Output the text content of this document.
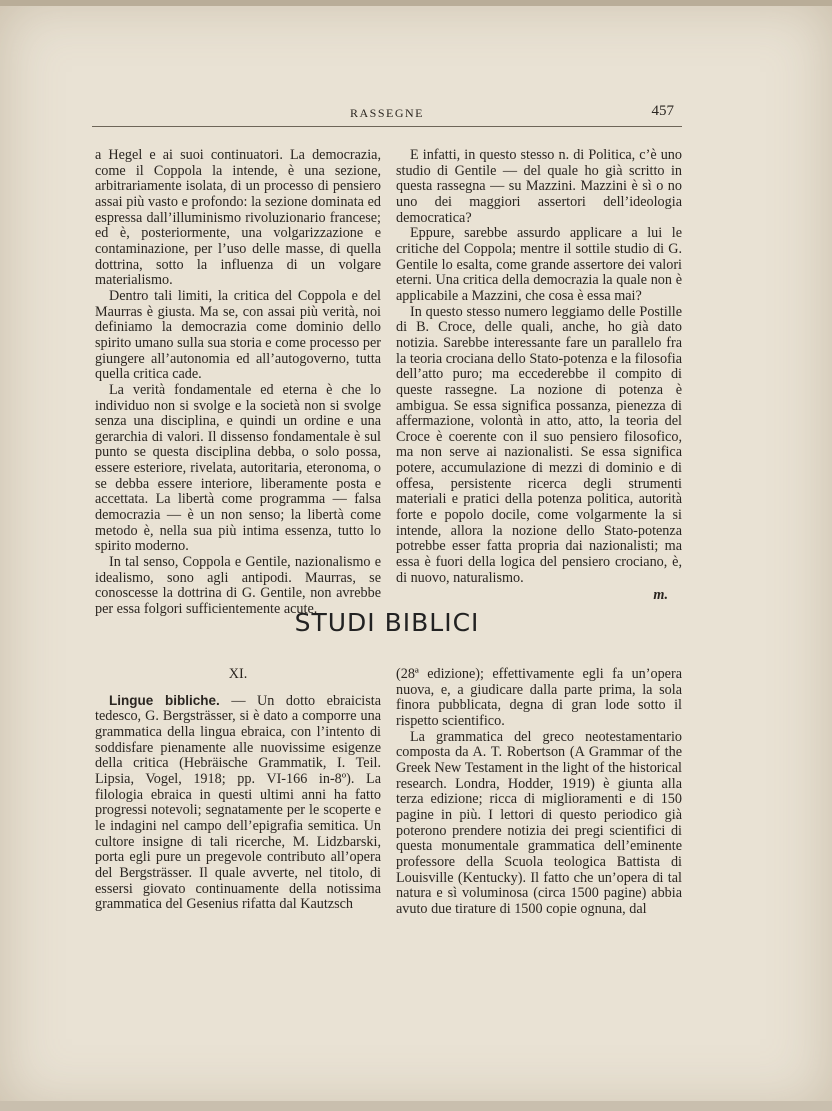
RASSEGNE	457

a Hegel e ai suoi continuatori. La democrazia, come il Coppola la intende, è una sezione, arbitrariamente isolata, di un processo di pensiero assai più vasto e profondo: la sezione dominata ed espressa dall’illuminismo rivoluzionario francese; ed è, posteriormente, una volgarizzazione e contaminazione, per l’uso delle masse, di quella dottrina, sotto la influenza di un volgare materialismo.

Dentro tali limiti, la critica del Coppola e del Maurras è giusta. Ma se, con assai più verità, noi definiamo la democrazia come dominio dello spirito umano sulla sua storia e come processo per giungere all’autonomia ed all’autogoverno, tutta quella critica cade.

La verità fondamentale ed eterna è che lo individuo non si svolge e la società non si svolge senza una disciplina, e quindi un ordine e una gerarchia di valori. Il dissenso fondamentale è sul punto se questa disciplina debba, o solo possa, essere esteriore, rivelata, autoritaria, eteronoma, o se debba essere interiore, liberamente posta e accettata. La libertà come programma — falsa democrazia — è un non senso; la libertà come metodo è, nella sua più intima essenza, tutto lo spirito moderno.

In tal senso, Coppola e Gentile, nazionalismo e idealismo, sono agli antipodi. Maurras, se conoscesse la dottrina di G. Gentile, non avrebbe per essa folgori sufficientemente acute.

E infatti, in questo stesso n. di Politica, c’è uno studio di Gentile — del quale ho già scritto in questa rassegna — su Mazzini. Mazzini è sì o no uno dei maggiori assertori dell’ideologia democratica?

Eppure, sarebbe assurdo applicare a lui le critiche del Coppola; mentre il sottile studio di G. Gentile lo esalta, come grande assertore dei valori eterni. Una critica della democrazia la quale non è applicabile a Mazzini, che cosa è essa mai?

In questo stesso numero leggiamo delle Postille di B. Croce, delle quali, anche, ho già dato notizia. Sarebbe interessante fare un parallelo fra la teoria crociana dello Stato-potenza e la filosofia dell’atto puro; ma eccederebbe il compito di queste rassegne. La nozione di potenza è ambigua. Se essa significa possanza, pienezza di affermazione, volontà in atto, atto, la teoria del Croce è coerente con il suo pensiero filosofico, ma non serve ai nazionalisti. Se essa significa potere, accumulazione di mezzi di dominio e di offesa, persistente ricerca degli strumenti materiali e pratici della potenza politica, autorità forte e popolo docile, come volgarmente la si intende, allora la nozione dello Stato-potenza potrebbe esser fatta propria dai nazionalisti; ma essa è fuori della logica del pensiero crociano, è, di nuovo, naturalismo.

m.
STUDI BIBLICI

XI.

Lingue bibliche. — Un dotto ebraicista tedesco, G. Bergsträsser, si è dato a comporre una grammatica della lingua ebraica, con l’intento di soddisfare pienamente alle nuovissime esigenze della critica (Hebräische Grammatik, I. Teil. Lipsia, Vogel, 1918; pp. VI-166 in-8º). La filologia ebraica in questi ultimi anni ha fatto progressi notevoli; segnatamente per le scoperte e le indagini nel campo dell’epigrafia semitica. Un cultore insigne di tali ricerche, M. Lidzbarski, porta egli pure un pregevole contributo all’opera del Bergsträsser. Il quale avverte, nel titolo, di essersi giovato continuamente della notissima grammatica del Gesenius rifatta dal Kautzsch

(28ª edizione); effettivamente egli fa un’opera nuova, e, a giudicare dalla parte prima, la sola finora pubblicata, degna di gran lode sotto il rispetto scientifico.

La grammatica del greco neotestamentario composta da A. T. Robertson (A Grammar of the Greek New Testament in the light of the historical research. Londra, Hodder, 1919) è giunta alla terza edizione; ricca di miglioramenti e di 150 pagine in più. I lettori di questo periodico già poterono prendere notizia dei pregi scientifici di questa monumentale grammatica dell’eminente professore della Scuola teologica Battista di Louisville (Kentucky). Il fatto che un’opera di tal natura e sì voluminosa (circa 1500 pagine) abbia avuto due tirature di 1500 copie ognuna, dal
